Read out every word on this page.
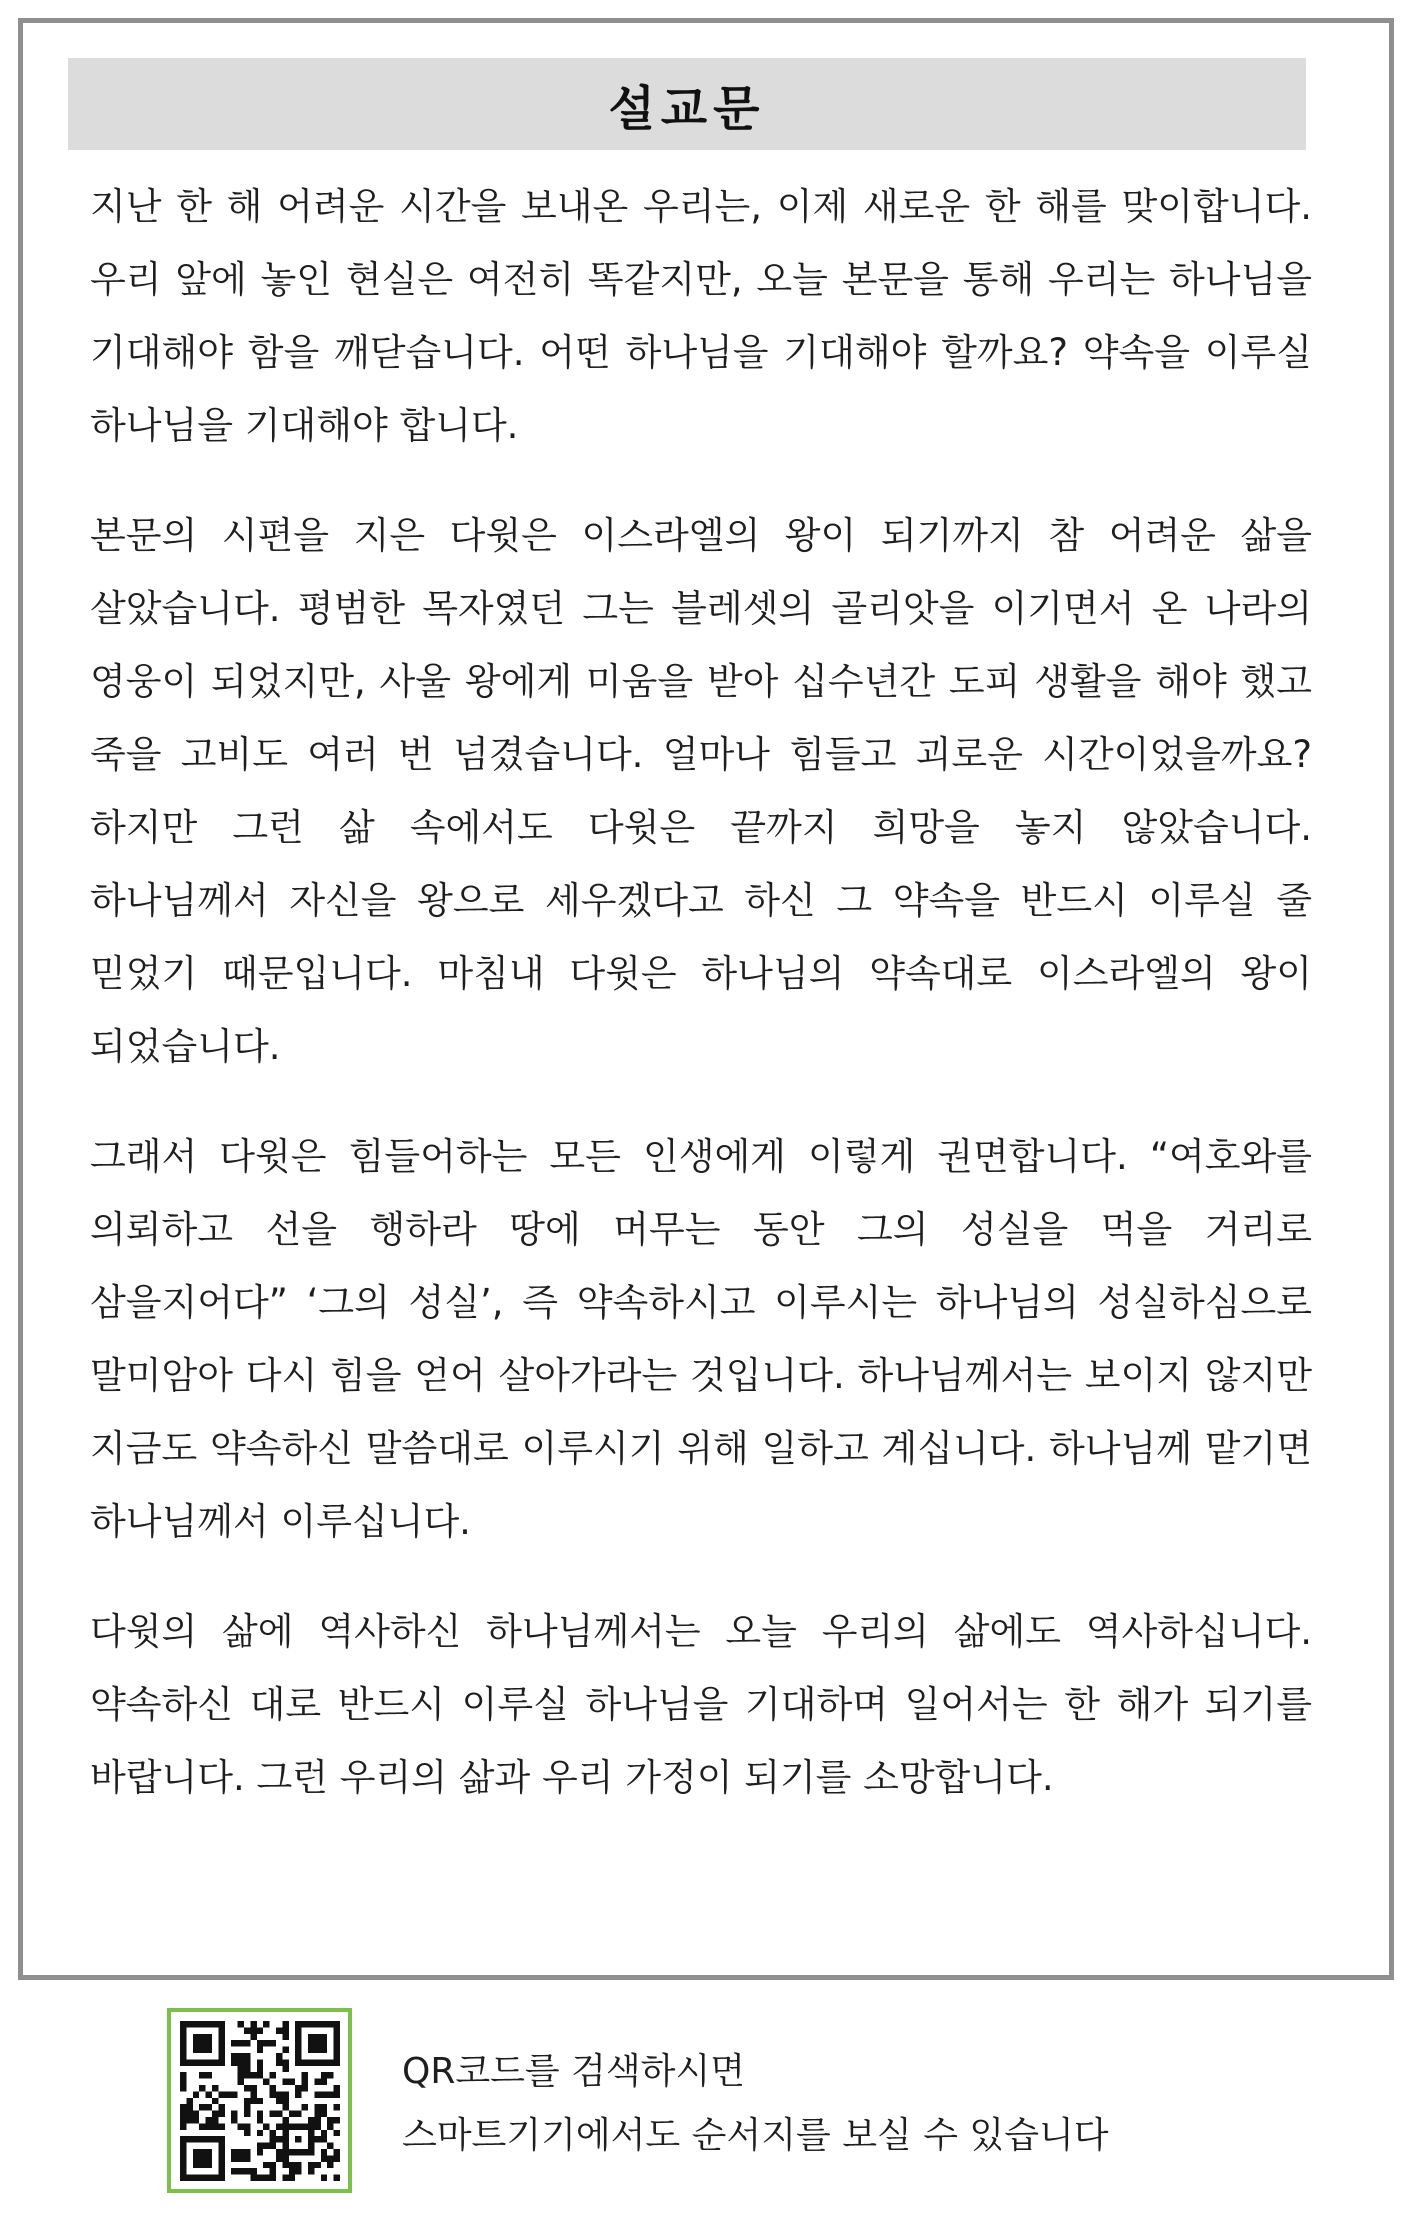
설교문

지난 한 해 어려운 시간을 보내온 우리는, 이제 새로운 한 해를 맞이합니다. 우리 앞에 놓인 현실은 여전히 똑같지만, 오늘 본문을 통해 우리는 하나님을 기대해야 함을 깨닫습니다. 어떤 하나님을 기대해야 할까요? 약속을 이루실 하나님을 기대해야 합니다.

본문의 시편을 지은 다윗은 이스라엘의 왕이 되기까지 참 어려운 삶을 살았습니다. 평범한 목자였던 그는 블레셋의 골리앗을 이기면서 온 나라의 영웅이 되었지만, 사울 왕에게 미움을 받아 십수년간 도피 생활을 해야 했고 죽을 고비도 여러 번 넘겼습니다. 얼마나 힘들고 괴로운 시간이었을까요? 하지만 그런 삶 속에서도 다윗은 끝까지 희망을 놓지 않았습니다. 하나님께서 자신을 왕으로 세우겠다고 하신 그 약속을 반드시 이루실 줄 믿었기 때문입니다. 마침내 다윗은 하나님의 약속대로 이스라엘의 왕이 되었습니다.

그래서 다윗은 힘들어하는 모든 인생에게 이렇게 권면합니다. “여호와를 의뢰하고 선을 행하라 땅에 머무는 동안 그의 성실을 먹을 거리로 삼을지어다” ‘그의 성실’, 즉 약속하시고 이루시는 하나님의 성실하심으로 말미암아 다시 힘을 얻어 살아가라는 것입니다. 하나님께서는 보이지 않지만 지금도 약속하신 말씀대로 이루시기 위해 일하고 계십니다. 하나님께 맡기면 하나님께서 이루십니다.

다윗의 삶에 역사하신 하나님께서는 오늘 우리의 삶에도 역사하십니다. 약속하신 대로 반드시 이루실 하나님을 기대하며 일어서는 한 해가 되기를 바랍니다. 그런 우리의 삶과 우리 가정이 되기를 소망합니다.

QR코드를 검색하시면
스마트기기에서도 순서지를 보실 수 있습니다
